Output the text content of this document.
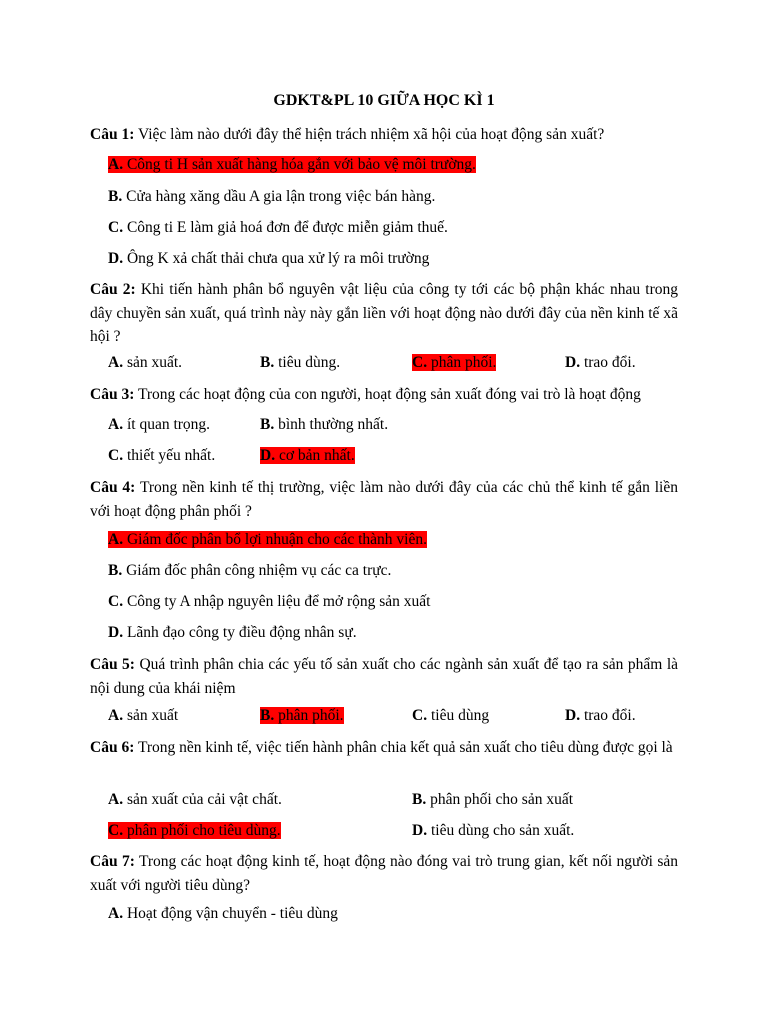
GDKT&PL 10 GIỮA HỌC KÌ 1
Câu 1: Việc làm nào dưới đây thể hiện trách nhiệm xã hội của hoạt động sản xuất?
A. Công ti H sản xuất hàng hóa gắn với bảo vệ môi trường.
B. Cửa hàng xăng dầu A gia lận trong việc bán hàng.
C. Công ti E làm giả hoá đơn để được miễn giảm thuế.
D. Ông K xả chất thải chưa qua xử lý ra môi trường
Câu 2: Khi tiến hành phân bổ nguyên vật liệu của công ty tới các bộ phận khác nhau trong dây chuyền sản xuất, quá trình này này gắn liền với hoạt động nào dưới đây của nền kinh tế xã hội ?
A. sản xuất.	B. tiêu dùng.	C. phân phối.	D. trao đổi.
Câu 3: Trong các hoạt động của con người, hoạt động sản xuất đóng vai trò là hoạt động
A. ít quan trọng.	B. bình thường nhất.
C. thiết yếu nhất.	D. cơ bản nhất.
Câu 4: Trong nền kinh tế thị trường, việc làm nào dưới đây của các chủ thể kinh tế gắn liền với hoạt động phân phối ?
A. Giám đốc phân bổ lợi nhuận cho các thành viên.
B. Giám đốc phân công nhiệm vụ các ca trực.
C. Công ty A nhập nguyên liệu để mở rộng sản xuất
D. Lãnh đạo công ty điều động nhân sự.
Câu 5: Quá trình phân chia các yếu tố sản xuất cho các ngành sản xuất để tạo ra sản phẩm là nội dung của khái niệm
A. sản xuất	B. phân phối.	C. tiêu dùng	D. trao đổi.
Câu 6: Trong nền kinh tế, việc tiến hành phân chia kết quả sản xuất cho tiêu dùng được gọi là
A. sản xuất của cải vật chất.	B. phân phối cho sản xuất
C. phân phối cho tiêu dùng.	D. tiêu dùng cho sản xuất.
Câu 7: Trong các hoạt động kinh tế, hoạt động nào đóng vai trò trung gian, kết nối người sản xuất với người tiêu dùng?
A. Hoạt động vận chuyển - tiêu dùng
